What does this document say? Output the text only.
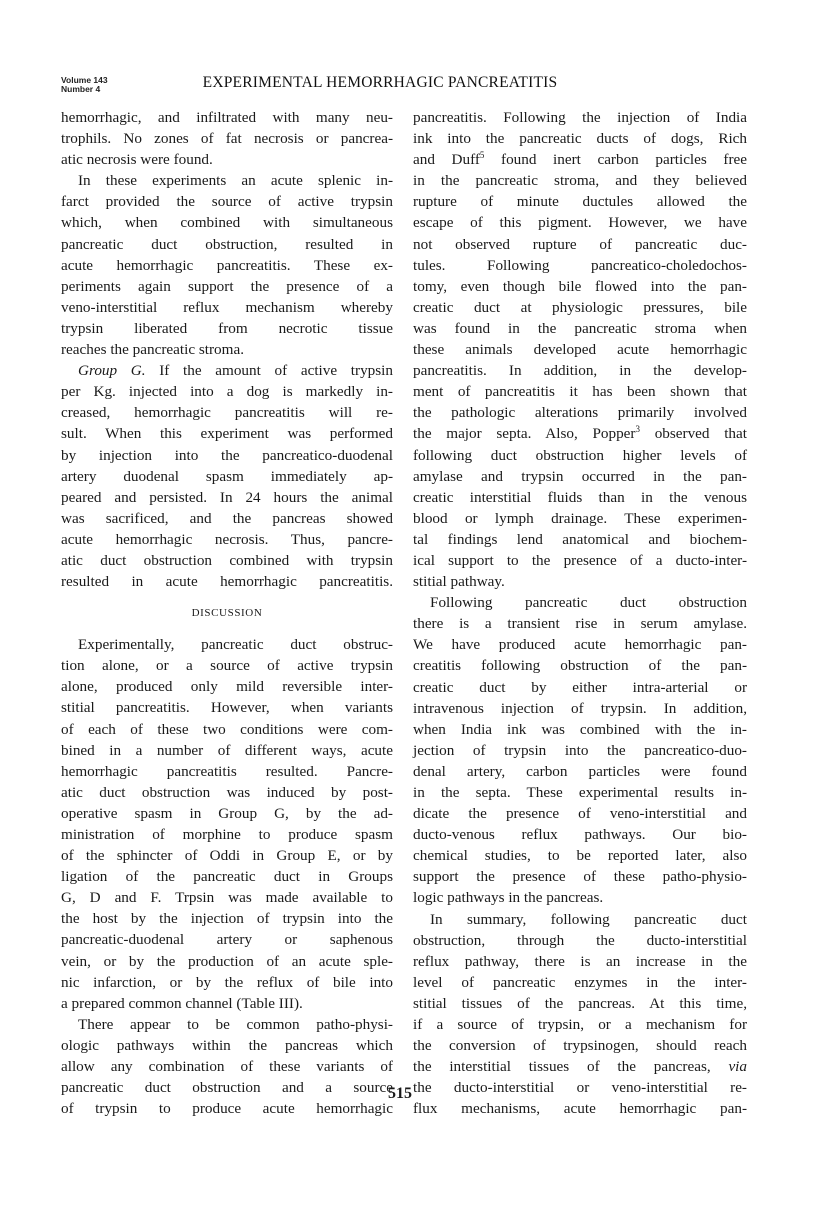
Volume 143
Number 4	EXPERIMENTAL HEMORRHAGIC PANCREATITIS
hemorrhagic, and infiltrated with many neu-
trophils. No zones of fat necrosis or pancrea-
atic necrosis were found.
In these experiments an acute splenic in-
farct provided the source of active trypsin
which, when combined with simultaneous
pancreatic duct obstruction, resulted in
acute hemorrhagic pancreatitis. These ex-
periments again support the presence of a
veno-interstitial reflux mechanism whereby
trypsin liberated from necrotic tissue
reaches the pancreatic stroma.
Group G. If the amount of active trypsin
per Kg. injected into a dog is markedly in-
creased, hemorrhagic pancreatitis will re-
sult. When this experiment was performed
by injection into the pancreatico-duodenal
artery duodenal spasm immediately ap-
peared and persisted. In 24 hours the animal
was sacrificed, and the pancreas showed
acute hemorrhagic necrosis. Thus, pancre-
atic duct obstruction combined with trypsin
resulted in acute hemorrhagic pancreatitis.
DISCUSSION
Experimentally, pancreatic duct obstruc-
tion alone, or a source of active trypsin
alone, produced only mild reversible inter-
stitial pancreatitis. However, when variants
of each of these two conditions were com-
bined in a number of different ways, acute
hemorrhagic pancreatitis resulted. Pancre-
atic duct obstruction was induced by post-
operative spasm in Group G, by the ad-
ministration of morphine to produce spasm
of the sphincter of Oddi in Group E, or by
ligation of the pancreatic duct in Groups
G, D and F. Trpsin was made available to
the host by the injection of trypsin into the
pancreatic-duodenal artery or saphenous
vein, or by the production of an acute sple-
nic infarction, or by the reflux of bile into
a prepared common channel (Table III).
There appear to be common patho-physi-
ologic pathways within the pancreas which
allow any combination of these variants of
pancreatic duct obstruction and a source
of trypsin to produce acute hemorrhagic
pancreatitis. Following the injection of India
ink into the pancreatic ducts of dogs, Rich
and Duff$^5$ found inert carbon particles free
in the pancreatic stroma, and they believed
rupture of minute ductules allowed the
escape of this pigment. However, we have
not observed rupture of pancreatic duc-
tules. Following pancreatico-choledochos-
tomy, even though bile flowed into the pan-
creatic duct at physiologic pressures, bile
was found in the pancreatic stroma when
these animals developed acute hemorrhagic
pancreatitis. In addition, in the develop-
ment of pancreatitis it has been shown that
the pathologic alterations primarily involved
the major septa. Also, Popper$^3$ observed that
following duct obstruction higher levels of
amylase and trypsin occurred in the pan-
creatic interstitial fluids than in the venous
blood or lymph drainage. These experimen-
tal findings lend anatomical and biochem-
ical support to the presence of a ducto-inter-
stitial pathway.
Following pancreatic duct obstruction
there is a transient rise in serum amylase.
We have produced acute hemorrhagic pan-
creatitis following obstruction of the pan-
creatic duct by either intra-arterial or
intravenous injection of trypsin. In addition,
when India ink was combined with the in-
jection of trypsin into the pancreatico-duo-
denal artery, carbon particles were found
in the septa. These experimental results in-
dicate the presence of veno-interstitial and
ducto-venous reflux pathways. Our bio-
chemical studies, to be reported later, also
support the presence of these patho-physio-
logic pathways in the pancreas.
In summary, following pancreatic duct
obstruction, through the ducto-interstitial
reflux pathway, there is an increase in the
level of pancreatic enzymes in the inter-
stitial tissues of the pancreas. At this time,
if a source of trypsin, or a mechanism for
the conversion of trypsinogen, should reach
the interstitial tissues of the pancreas, via
the ducto-interstitial or veno-interstitial re-
flux mechanisms, acute hemorrhagic pan-
515
